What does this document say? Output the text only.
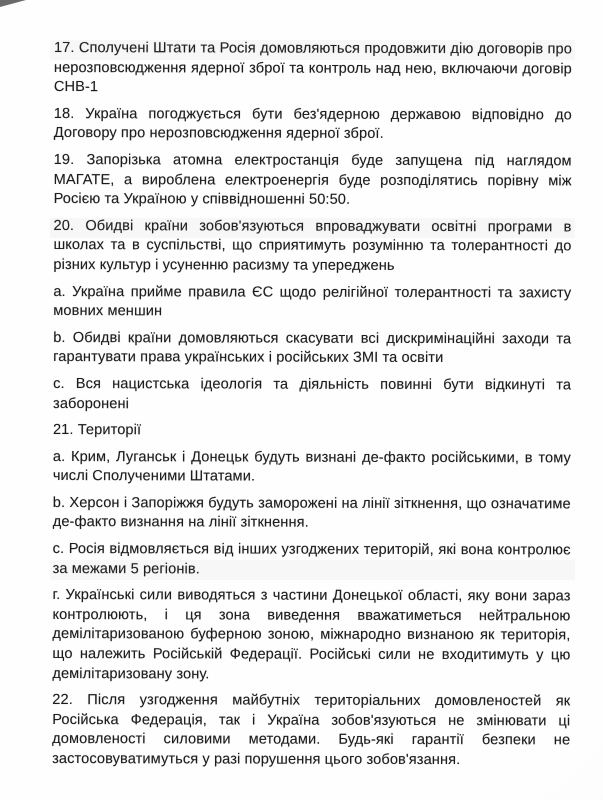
17. Сполучені Штати та Росія домовляються продовжити дію договорів про нерозповсюдження ядерної зброї та контроль над нею, включаючи договір СНВ-1

18. Україна погоджується бути без'ядерною державою відповідно до Договору про нерозповсюдження ядерної зброї.

19. Запорізька атомна електростанція буде запущена під наглядом МАГАТЕ, а вироблена електроенергія буде розподілятись порівну між Росією та Україною у співвідношенні 50:50.

20. Обидві країни зобов'язуються впроваджувати освітні програми в школах та в суспільстві, що сприятимуть розумінню та толерантності до різних культур і усуненню расизму та упереджень

a. Україна прийме правила ЄС щодо релігійної толерантності та захисту мовних меншин

b. Обидві країни домовляються скасувати всі дискримінаційні заходи та гарантувати права українських і російських ЗМІ та освіти

c. Вся нацистська ідеологія та діяльність повинні бути відкинуті та заборонені

21. Території

a. Крим, Луганськ і Донецьк будуть визнані де-факто російськими, в тому числі Сполученими Штатами.

b. Херсон і Запоріжжя будуть заморожені на лінії зіткнення, що означатиме де-факто визнання на лінії зіткнення.

c. Росія відмовляється від інших узгоджених територій, які вона контролює за межами 5 регіонів.

г. Українські сили виводяться з частини Донецької області, яку вони зараз контролюють, і ця зона виведення вважатиметься нейтральною демілітаризованою буферною зоною, міжнародно визнаною як територія, що належить Російській Федерації. Російські сили не входитимуть у цю демілітаризовану зону.

22. Після узгодження майбутніх територіальних домовленостей як Російська Федерація, так і Україна зобов'язуються не змінювати ці домовленості силовими методами. Будь-які гарантії безпеки не застосовуватимуться у разі порушення цього зобов'язання.
